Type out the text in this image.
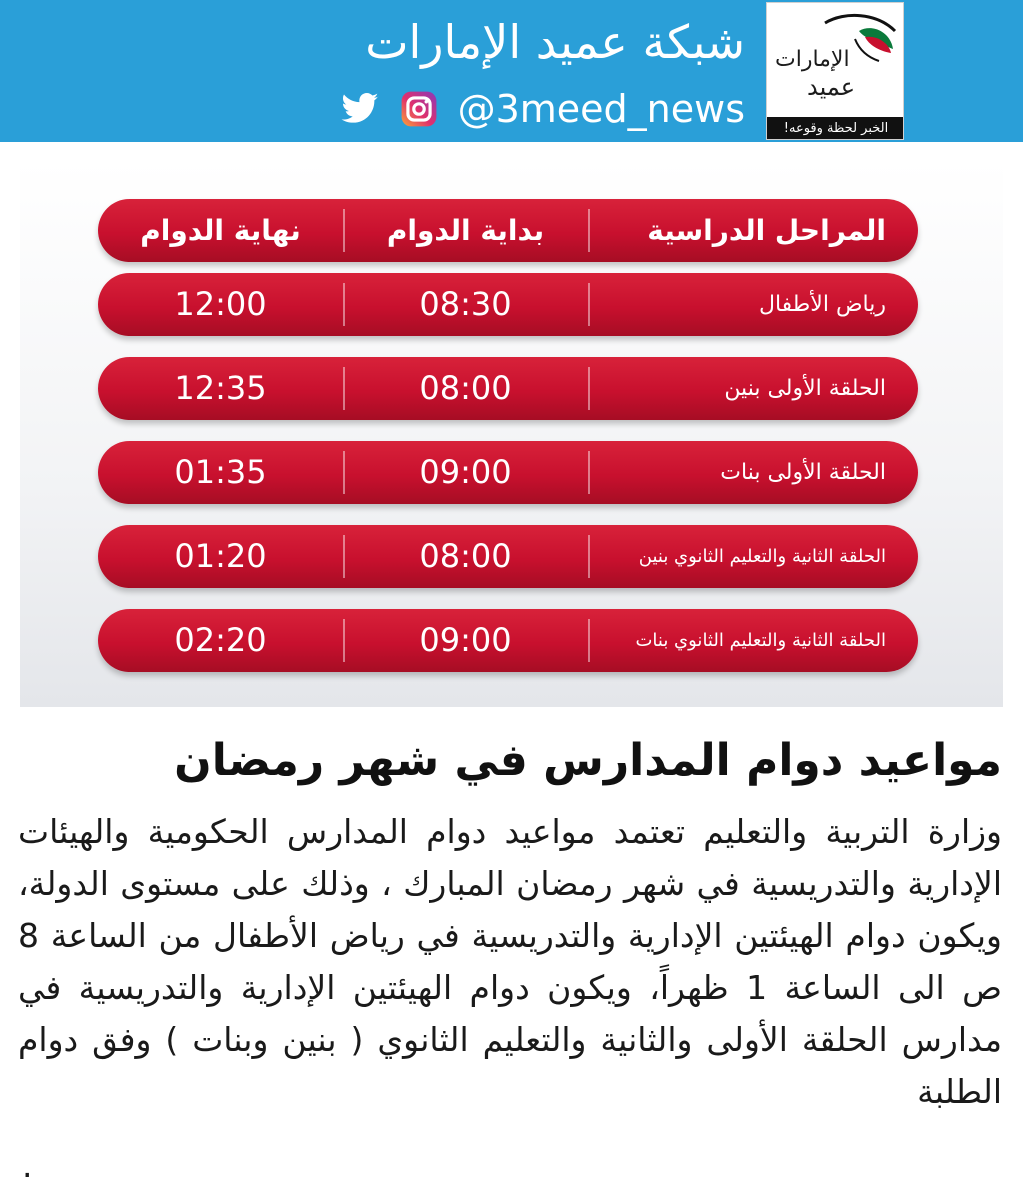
شبكة عميد الإمارات
@3meed_news
الإمارات
عميد
الخبر لحظة وقوعه!
نهاية الدوام	بداية الدوام	المراحل الدراسية
12:00	08:30	رياض الأطفال
12:35	08:00	الحلقة الأولى بنين
01:35	09:00	الحلقة الأولى بنات
01:20	08:00	الحلقة الثانية والتعليم الثانوي بنين
02:20	09:00	الحلقة الثانية والتعليم الثانوي بنات
مواعيد دوام المدارس في شهر رمضان

وزارة التربية والتعليم تعتمد مواعيد دوام المدارس الحكومية والهيئات الإدارية والتدريسية في شهر رمضان المبارك ، وذلك على مستوى الدولة، ويكون دوام الهيئتين الإدارية والتدريسية في رياض الأطفال من الساعة 8 ص الى الساعة 1 ظهراً، ويكون دوام الهيئتين الإدارية والتدريسية في مدارس الحلقة الأولى والثانية والتعليم الثانوي ( بنين وبنات ) وفق دوام الطلبة

.
